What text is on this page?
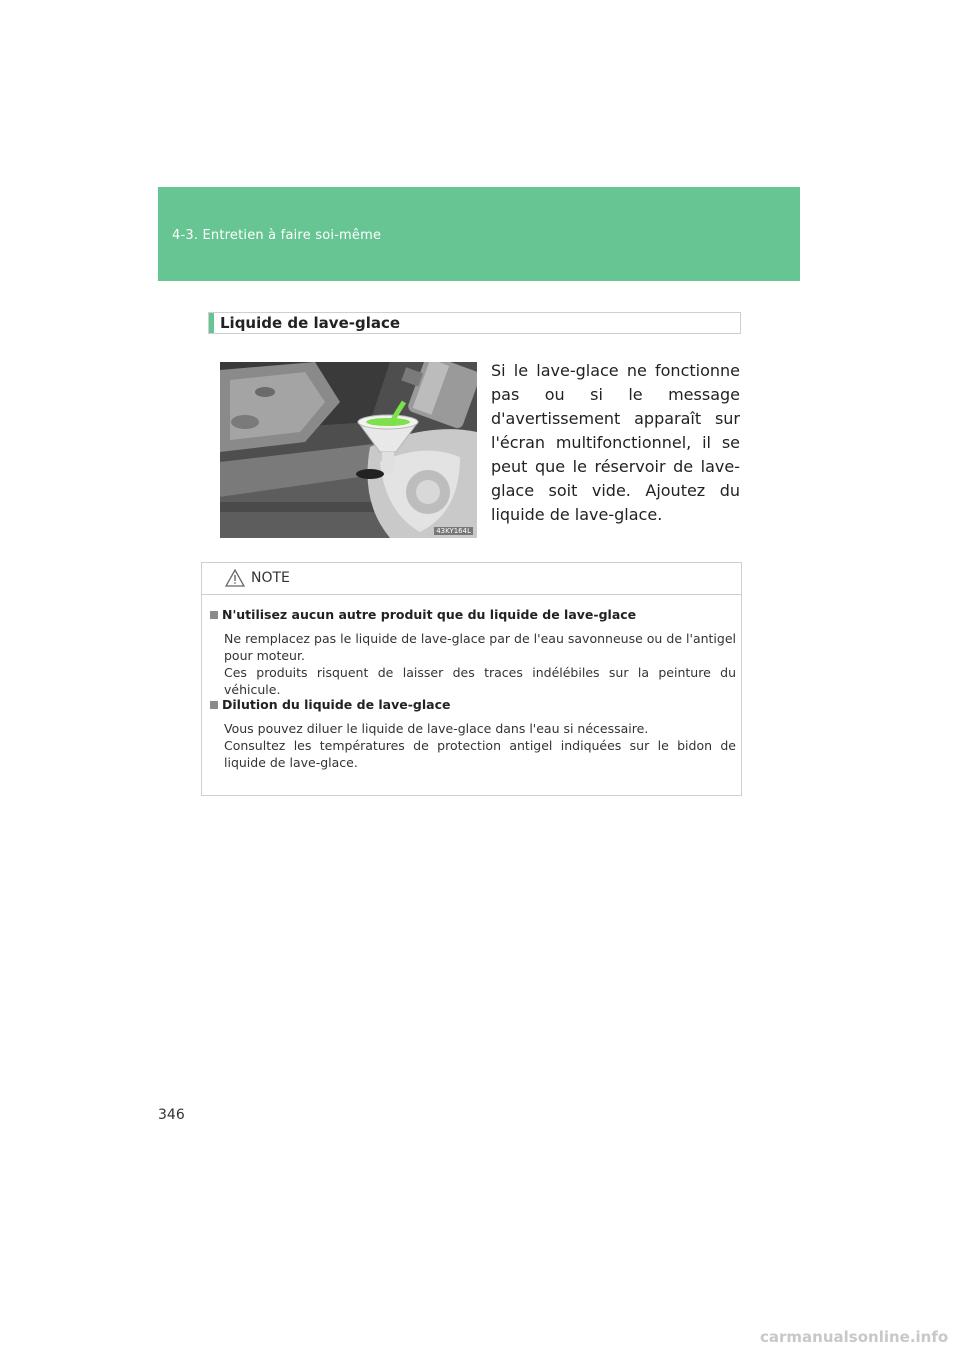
4-3. Entretien à faire soi-même
Liquide de lave-glace
43KY164L
Si le lave-glace ne fonctionne pas ou si le message d'avertissement apparaît sur l'écran multifonctionnel, il se peut que le réservoir de lave-glace soit vide. Ajoutez du liquide de lave-glace.
NOTE
N'utilisez aucun autre produit que du liquide de lave-glace
Ne remplacez pas le liquide de lave-glace par de l'eau savonneuse ou de l'antigel pour moteur.
Ces produits risquent de laisser des traces indélébiles sur la peinture du véhicule.
Dilution du liquide de lave-glace
Vous pouvez diluer le liquide de lave-glace dans l'eau si nécessaire.
Consultez les températures de protection antigel indiquées sur le bidon de liquide de lave-glace.
346
carmanualsonline.info
